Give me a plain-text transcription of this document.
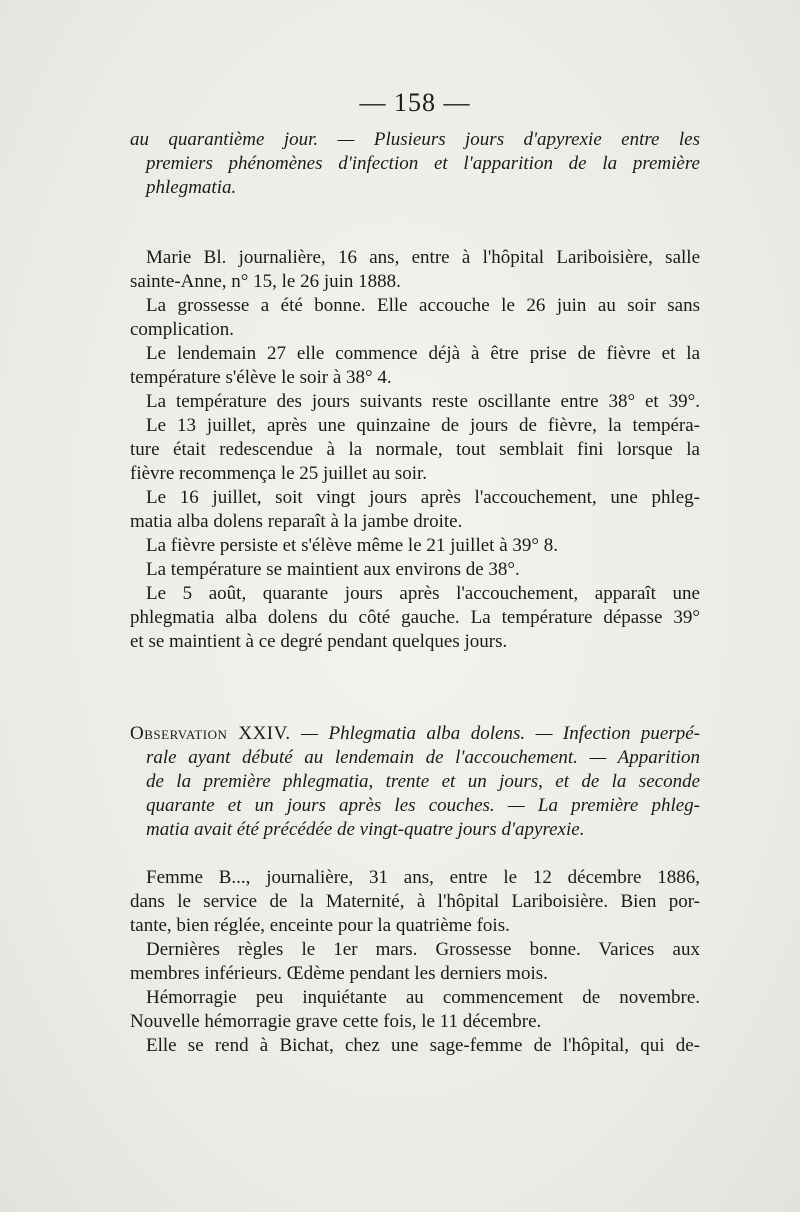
— 158 —
au quarantième jour. — Plusieurs jours d'apyrexie entre les
premiers phénomènes d'infection et l'apparition de la première
phlegmatia.
Marie Bl. journalière, 16 ans, entre à l'hôpital Lariboisière, salle
sainte-Anne, n° 15, le 26 juin 1888.
La grossesse a été bonne. Elle accouche le 26 juin au soir sans
complication.
Le lendemain 27 elle commence déjà à être prise de fièvre et la
température s'élève le soir à 38° 4.
La température des jours suivants reste oscillante entre 38° et 39°.
Le 13 juillet, après une quinzaine de jours de fièvre, la tempéra-
ture était redescendue à la normale, tout semblait fini lorsque la
fièvre recommença le 25 juillet au soir.
Le 16 juillet, soit vingt jours après l'accouchement, une phleg-
matia alba dolens reparaît à la jambe droite.
La fièvre persiste et s'élève même le 21 juillet à 39° 8.
La température se maintient aux environs de 38°.
Le 5 août, quarante jours après l'accouchement, apparaît une
phlegmatia alba dolens du côté gauche. La température dépasse 39°
et se maintient à ce degré pendant quelques jours.
Observation XXIV. — Phlegmatia alba dolens. — Infection puerpé-
rale ayant débuté au lendemain de l'accouchement. — Apparition
de la première phlegmatia, trente et un jours, et de la seconde
quarante et un jours après les couches. — La première phleg-
matia avait été précédée de vingt-quatre jours d'apyrexie.
Femme B..., journalière, 31 ans, entre le 12 décembre 1886,
dans le service de la Maternité, à l'hôpital Lariboisière. Bien por-
tante, bien réglée, enceinte pour la quatrième fois.
Dernières règles le 1er mars. Grossesse bonne. Varices aux
membres inférieurs. Œdème pendant les derniers mois.
Hémorragie peu inquiétante au commencement de novembre.
Nouvelle hémorragie grave cette fois, le 11 décembre.
Elle se rend à Bichat, chez une sage-femme de l'hôpital, qui de-
